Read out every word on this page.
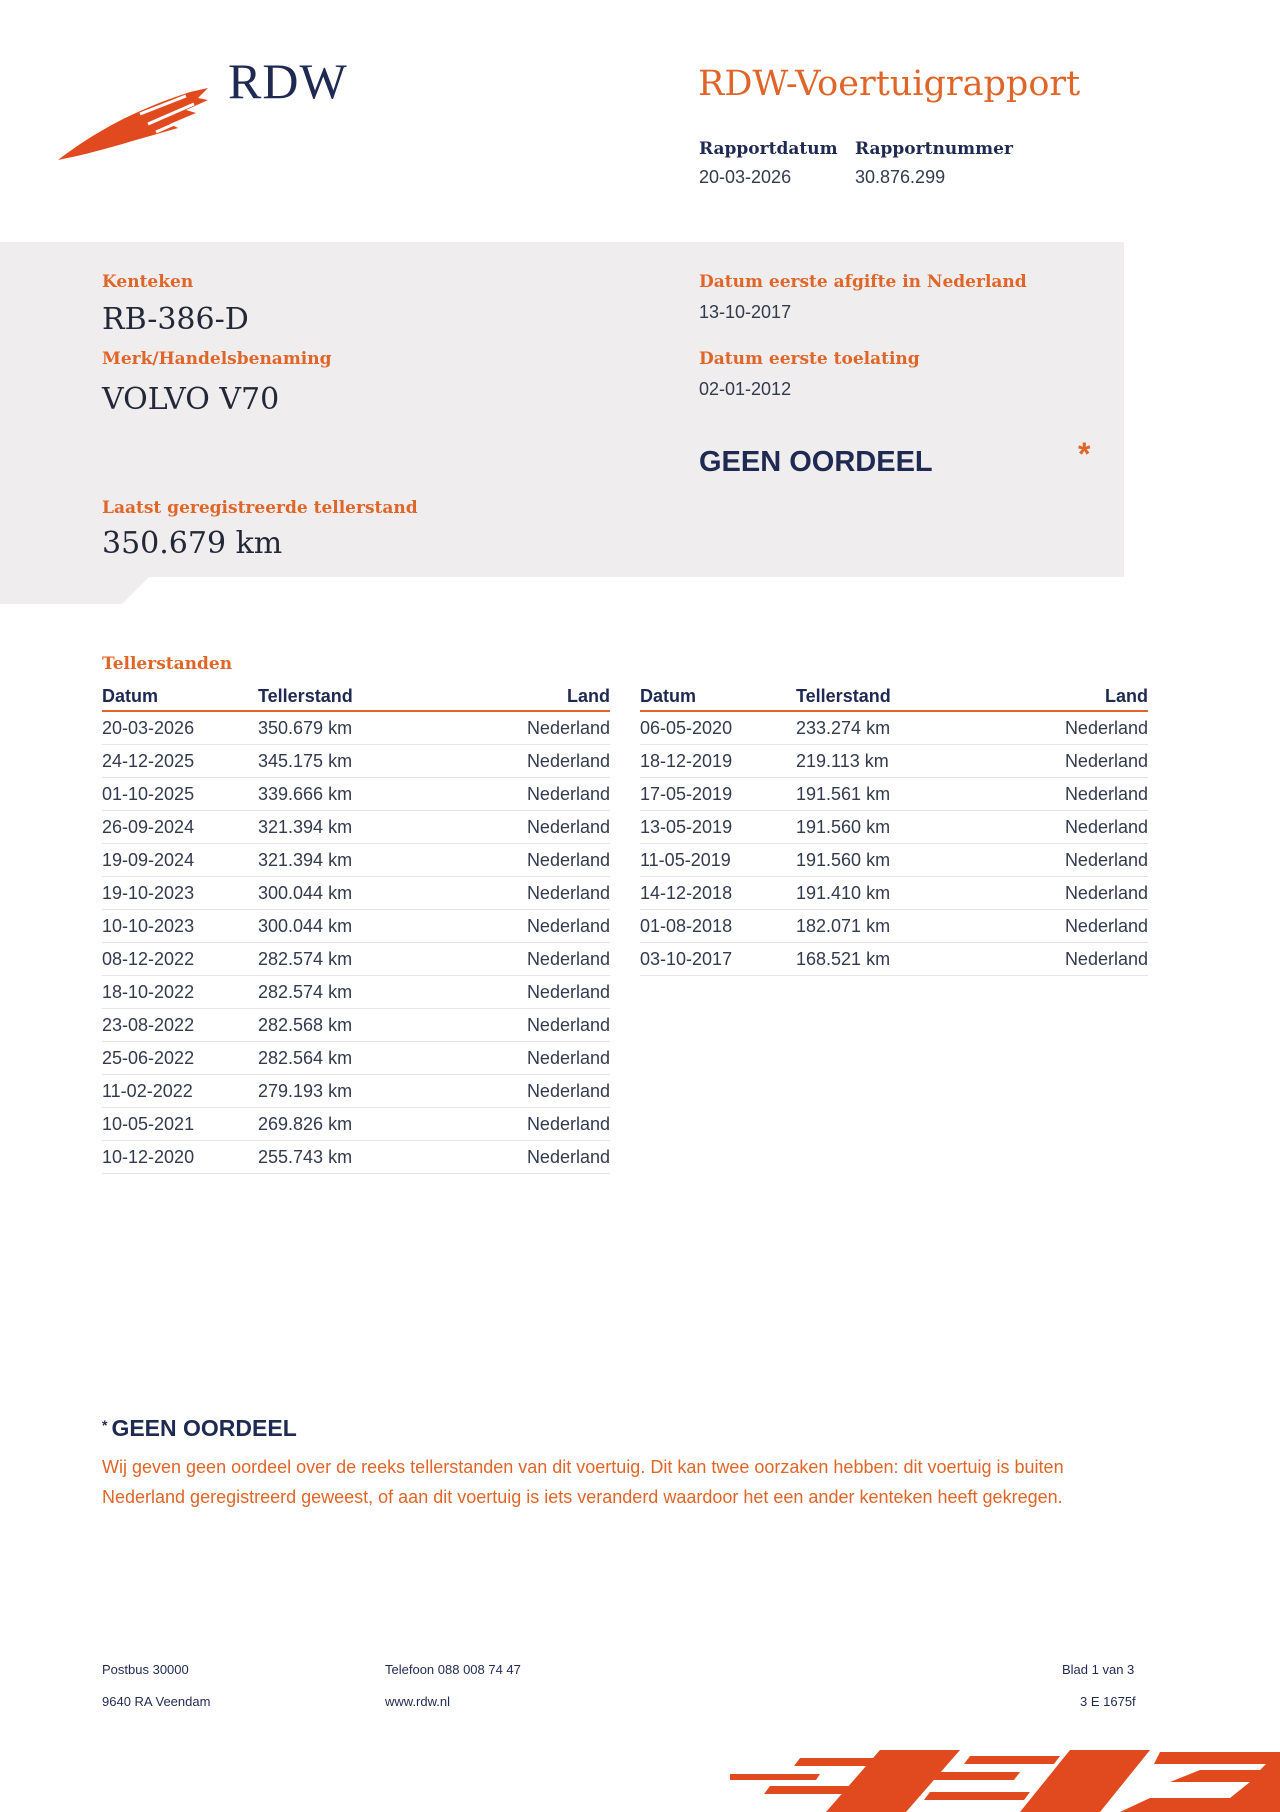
RDW	RDW-Voertuigrapport
Rapportdatum
20-03-2026
Rapportnummer
30.876.299
Kenteken
RB-386-D
Merk/Handelsbenaming
VOLVO V70
Datum eerste afgifte in Nederland
13-10-2017
Datum eerste toelating
02-01-2012
GEEN OORDEEL	*
Laatst geregistreerde tellerstand
350.679 km
Tellerstanden
Datum	Tellerstand	Land
20-03-2026	350.679 km	Nederland
24-12-2025	345.175 km	Nederland
01-10-2025	339.666 km	Nederland
26-09-2024	321.394 km	Nederland
19-09-2024	321.394 km	Nederland
19-10-2023	300.044 km	Nederland
10-10-2023	300.044 km	Nederland
08-12-2022	282.574 km	Nederland
18-10-2022	282.574 km	Nederland
23-08-2022	282.568 km	Nederland
25-06-2022	282.564 km	Nederland
11-02-2022	279.193 km	Nederland
10-05-2021	269.826 km	Nederland
10-12-2020	255.743 km	Nederland
Datum	Tellerstand	Land
06-05-2020	233.274 km	Nederland
18-12-2019	219.113 km	Nederland
17-05-2019	191.561 km	Nederland
13-05-2019	191.560 km	Nederland
11-05-2019	191.560 km	Nederland
14-12-2018	191.410 km	Nederland
01-08-2018	182.071 km	Nederland
03-10-2017	168.521 km	Nederland
* GEEN OORDEEL
Wij geven geen oordeel over de reeks tellerstanden van dit voertuig. Dit kan twee oorzaken hebben: dit voertuig is buiten Nederland geregistreerd geweest, of aan dit voertuig is iets veranderd waardoor het een ander kenteken heeft gekregen.
Postbus 30000
9640 RA Veendam
Telefoon 088 008 74 47
www.rdw.nl
Blad 1 van 3
3 E 1675f
